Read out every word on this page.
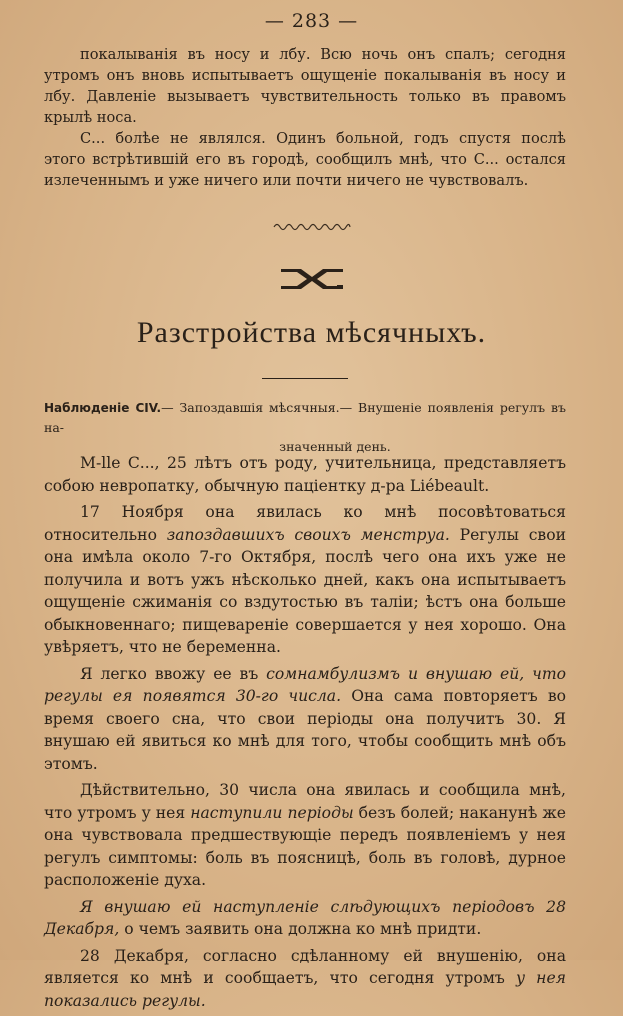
— 283 —

покалыванія въ носу и лбу. Всю ночь онъ спалъ; сегодня утромъ онъ вновь испытываетъ ощущеніе покалыванія въ носу и лбу. Давленіе вызываетъ чувствительность только въ правомъ крылѣ носа.

С... болѣе не являлся. Одинъ больной, годъ спустя послѣ этого встрѣтившій его въ городѣ, сообщилъ мнѣ, что С... остался излеченнымъ и уже ничего или почти ничего не чувствовалъ.

Разстройства мѣсячныхъ.
Наблюденіе CIV.— Запоздавшія мѣсячныя.— Внушеніе появленія регулъ въ на-
значенный день.

M-lle С..., 25 лѣтъ отъ роду, учительница, представляетъ собою невропатку, обычную паціентку д-ра Liébeault.

17 Ноября она явилась ко мнѣ посовѣтоваться относительно запоздавшихъ своихъ менструа. Регулы свои она имѣла около 7-го Октября, послѣ чего она ихъ уже не получила и вотъ ужъ нѣсколько дней, какъ она испытываетъ ощущеніе сжиманія со вздутостью въ таліи; ѣстъ она больше обыкновеннаго; пищевареніе совершается у нея хорошо. Она увѣряетъ, что не беременна.

Я легко ввожу ее въ сомнамбулизмъ и внушаю ей, что регулы ея появятся 30-го числа. Она сама повторяетъ во время своего сна, что свои періоды она получитъ 30. Я внушаю ей явиться ко мнѣ для того, чтобы сообщить мнѣ объ этомъ.

Дѣйствительно, 30 числа она явилась и сообщила мнѣ, что утромъ у нея наступили періоды безъ болей; наканунѣ же она чувствовала предшествующіе передъ появленіемъ у нея регулъ симптомы: боль въ поясницѣ, боль въ головѣ, дурное расположеніе духа.

Я внушаю ей наступленіе слѣдующихъ періодовъ 28 Декабря, о чемъ заявить она должна ко мнѣ придти.

28 Декабря, согласно сдѣланному ей внушенію, она является ко мнѣ и сообщаетъ, что сегодня утромъ у нея показались регулы.
